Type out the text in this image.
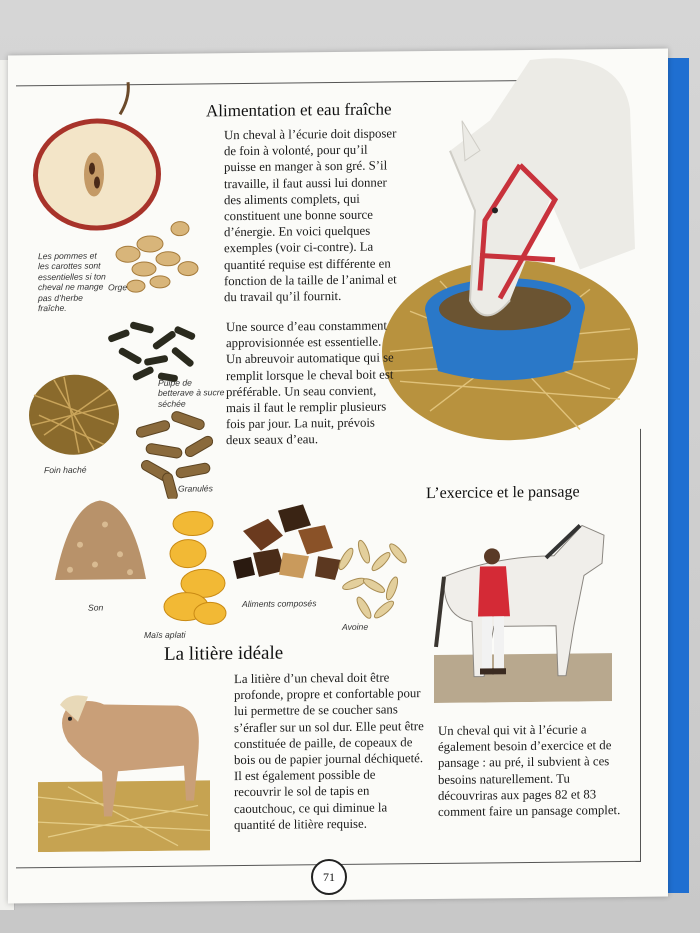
Alimentation et eau fraîche
L’exercice et le pansage
La litière idéale

Un cheval à l’écurie doit disposer de foin à volonté, pour qu’il puisse en manger à son gré. S’il travaille, il faut aussi lui donner des aliments complets, qui constituent une bonne source d’énergie. En voici quelques exemples (voir ci-contre). La quantité requise est différente en fonction de la taille de l’animal et du travail qu’il fournit.

Une source d’eau constamment approvisionnée est essentielle. Un abreuvoir automatique qui se remplit lorsque le cheval boit est préférable. Un seau convient, mais il faut le remplir plusieurs fois par jour. La nuit, prévois deux seaux d’eau.

La litière d’un cheval doit être profonde, propre et confortable pour lui permettre de se coucher sans s’érafler sur un sol dur. Elle peut être constituée de paille, de copeaux de bois ou de papier journal déchiqueté. Il est également possible de recouvrir le sol de tapis en caoutchouc, ce qui diminue la quantité de litière requise.

Un cheval qui vit à l’écurie a également besoin d’exercice et de pansage : au pré, il subvient à ces besoins naturellement. Tu découvriras aux pages 82 et 83 comment faire un pansage complet.

Les pommes et les carottes sont essentielles si ton cheval ne mange pas d’herbe fraîche.
Orge
Pulpe de betterave à sucre séchée
Foin haché
Granulés
Son
Maïs aplati
Aliments composés
Avoine
71
